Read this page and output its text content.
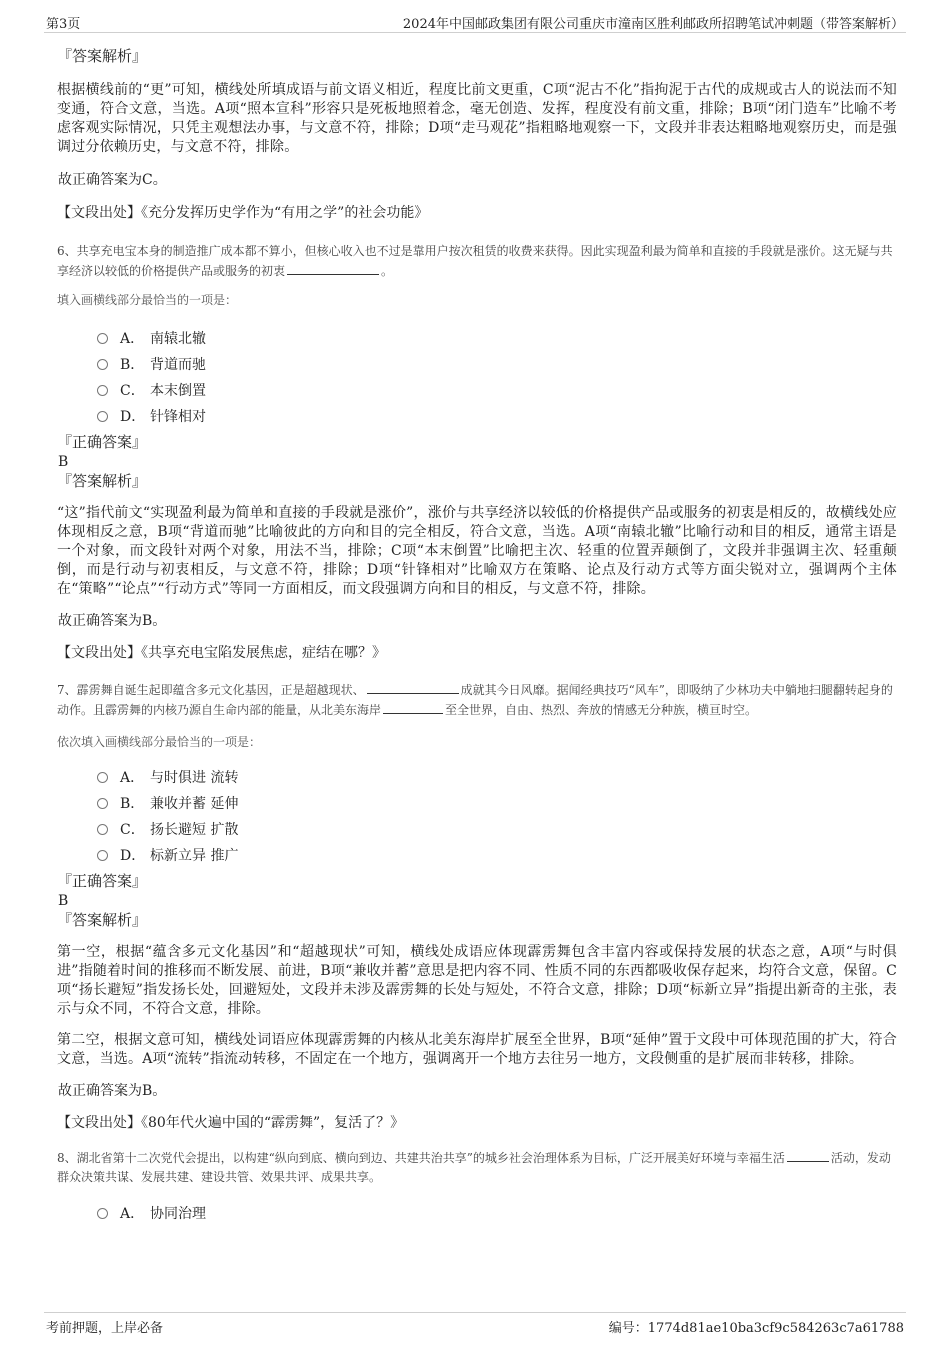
第3页	2024年中国邮政集团有限公司重庆市潼南区胜利邮政所招聘笔试冲刺题（带答案解析）

『答案解析』

根据横线前的“更”可知，横线处所填成语与前文语义相近，程度比前文更重，C项“泥古不化”指拘泥于古代的成规或古人的说法而不知变通，符合文意，当选。A项“照本宣科”形容只是死板地照着念，毫无创造、发挥，程度没有前文重，排除；B项“闭门造车”比喻不考虑客观实际情况，只凭主观想法办事，与文意不符，排除；D项“走马观花”指粗略地观察一下，文段并非表达粗略地观察历史，而是强调过分依赖历史，与文意不符，排除。

故正确答案为C。

【文段出处】《充分发挥历史学作为“有用之学”的社会功能》

6、共享充电宝本身的制造推广成本都不算小，但核心收入也不过是靠用户按次租赁的收费来获得。因此实现盈利最为简单和直接的手段就是涨价。这无疑与共享经济以较低的价格提供产品或服务的初衷	。

填入画横线部分最恰当的一项是：

A． 南辕北辙
B． 背道而驰
C． 本末倒置
D． 针锋相对

『正确答案』

B

『答案解析』

“这”指代前文“实现盈利最为简单和直接的手段就是涨价”，涨价与共享经济以较低的价格提供产品或服务的初衷是相反的，故横线处应体现相反之意，B项“背道而驰”比喻彼此的方向和目的完全相反，符合文意，当选。A项“南辕北辙”比喻行动和目的相反，通常主语是一个对象，而文段针对两个对象，用法不当，排除；C项“本末倒置”比喻把主次、轻重的位置弄颠倒了，文段并非强调主次、轻重颠倒，而是行动与初衷相反，与文意不符，排除；D项“针锋相对”比喻双方在策略、论点及行动方式等方面尖锐对立，强调两个主体在“策略”“论点”“行动方式”等同一方面相反，而文段强调方向和目的相反，与文意不符，排除。

故正确答案为B。

【文段出处】《共享充电宝陷发展焦虑，症结在哪？》

7、霹雳舞自诞生起即蕴含多元文化基因，正是超越现状、	成就其今日风靡。据闻经典技巧“风车”，即吸纳了少林功夫中躺地扫腿翻转起身的动作。且霹雳舞的内核乃源自生命内部的能量，从北美东海岸	至全世界，自由、热烈、奔放的情感无分种族，横亘时空。

依次填入画横线部分最恰当的一项是：

A． 与时俱进 流转
B． 兼收并蓄 延伸
C． 扬长避短 扩散
D． 标新立异 推广

『正确答案』

B

『答案解析』

第一空，根据“蕴含多元文化基因”和“超越现状”可知，横线处成语应体现霹雳舞包含丰富内容或保持发展的状态之意，A项“与时俱进”指随着时间的推移而不断发展、前进，B项“兼收并蓄”意思是把内容不同、性质不同的东西都吸收保存起来，均符合文意，保留。C项“扬长避短”指发扬长处，回避短处，文段并未涉及霹雳舞的长处与短处，不符合文意，排除；D项“标新立异”指提出新奇的主张，表示与众不同，不符合文意，排除。

第二空，根据文意可知，横线处词语应体现霹雳舞的内核从北美东海岸扩展至全世界，B项“延伸”置于文段中可体现范围的扩大，符合文意，当选。A项“流转”指流动转移，不固定在一个地方，强调离开一个地方去往另一地方，文段侧重的是扩展而非转移，排除。

故正确答案为B。

【文段出处】《80年代火遍中国的“霹雳舞”，复活了？》

8、湖北省第十二次党代会提出，以构建“纵向到底、横向到边、共建共治共享”的城乡社会治理体系为目标，广泛开展美好环境与幸福生活	活动，发动群众决策共谋、发展共建、建设共管、效果共评、成果共享。

A． 协同治理
考前押题，上岸必备	编号：1774d81ae10ba3cf9c584263c7a61788
